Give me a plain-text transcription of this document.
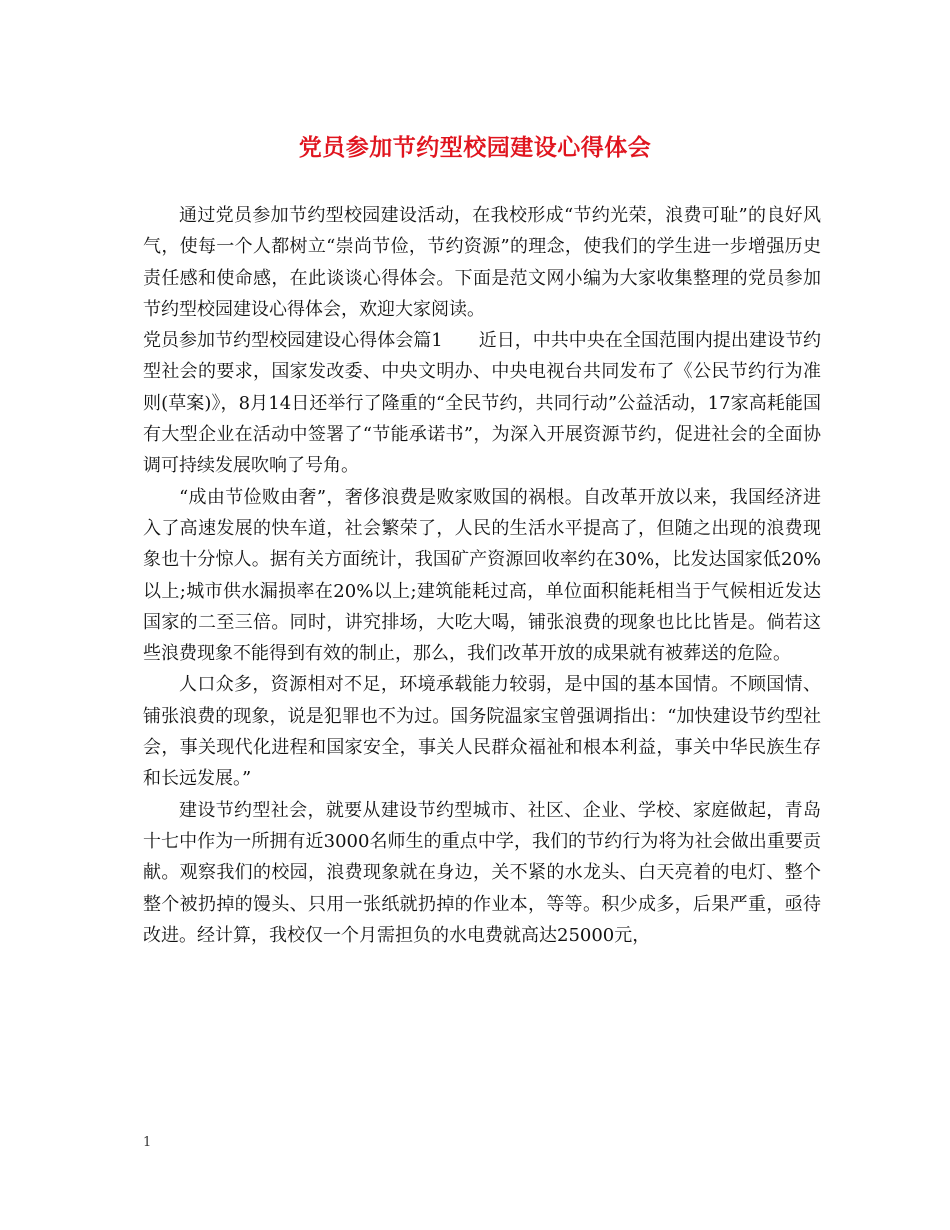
党员参加节约型校园建设心得体会

通过党员参加节约型校园建设活动，在我校形成“节约光荣，浪费可耻”的良好风气，使每一个人都树立“崇尚节俭，节约资源”的理念，使我们的学生进一步增强历史责任感和使命感，在此谈谈心得体会。下面是范文网小编为大家收集整理的党员参加节约型校园建设心得体会，欢迎大家阅读。

党员参加节约型校园建设心得体会篇1　　近日，中共中央在全国范围内提出建设节约型社会的要求，国家发改委、中央文明办、中央电视台共同发布了《公民节约行为准则(草案)》，8月14日还举行了隆重的“全民节约，共同行动”公益活动，17家高耗能国有大型企业在活动中签署了“节能承诺书”，为深入开展资源节约，促进社会的全面协调可持续发展吹响了号角。

“成由节俭败由奢”，奢侈浪费是败家败国的祸根。自改革开放以来，我国经济进入了高速发展的快车道，社会繁荣了，人民的生活水平提高了，但随之出现的浪费现象也十分惊人。据有关方面统计，我国矿产资源回收率约在30%，比发达国家低20%以上;城市供水漏损率在20%以上;建筑能耗过高，单位面积能耗相当于气候相近发达国家的二至三倍。同时，讲究排场，大吃大喝，铺张浪费的现象也比比皆是。倘若这些浪费现象不能得到有效的制止，那么，我们改革开放的成果就有被葬送的危险。

人口众多，资源相对不足，环境承载能力较弱，是中国的基本国情。不顾国情、铺张浪费的现象，说是犯罪也不为过。国务院温家宝曾强调指出：“加快建设节约型社会，事关现代化进程和国家安全，事关人民群众福祉和根本利益，事关中华民族生存和长远发展。”

建设节约型社会，就要从建设节约型城市、社区、企业、学校、家庭做起，青岛十七中作为一所拥有近3000名师生的重点中学，我们的节约行为将为社会做出重要贡献。观察我们的校园，浪费现象就在身边，关不紧的水龙头、白天亮着的电灯、整个整个被扔掉的馒头、只用一张纸就扔掉的作业本，等等。积少成多，后果严重，亟待改进。经计算，我校仅一个月需担负的水电费就高达25000元，

1
